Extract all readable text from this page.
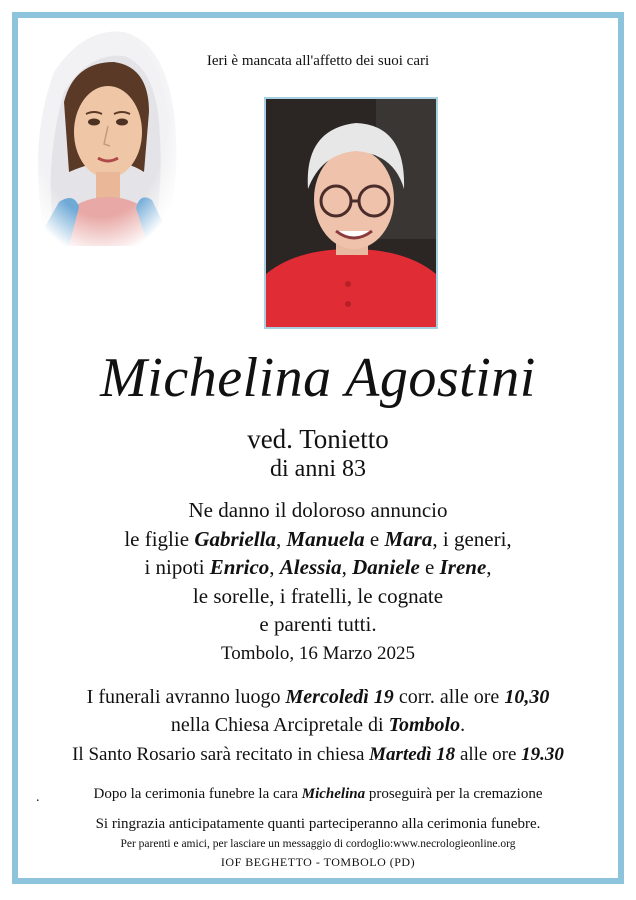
Ieri è mancata all'affetto dei suoi cari
Michelina Agostini
ved. Tonietto
di anni 83
Ne danno il doloroso annuncio
le figlie Gabriella, Manuela e Mara, i generi,
i nipoti Enrico, Alessia, Daniele e Irene,
le sorelle, i fratelli, le cognate
e parenti tutti.
Tombolo, 16 Marzo 2025
I funerali avranno luogo Mercoledì 19 corr. alle ore 10,30
nella Chiesa Arcipretale di Tombolo.
Il Santo Rosario sarà recitato in chiesa Martedì 18 alle ore 19.30
.	Dopo la cerimonia funebre la cara Michelina proseguirà per la cremazione
Si ringrazia anticipatamente quanti parteciperanno alla cerimonia funebre.
Per parenti e amici, per lasciare un messaggio di cordoglio:www.necrologieonline.org
IOF BEGHETTO - TOMBOLO (PD)
